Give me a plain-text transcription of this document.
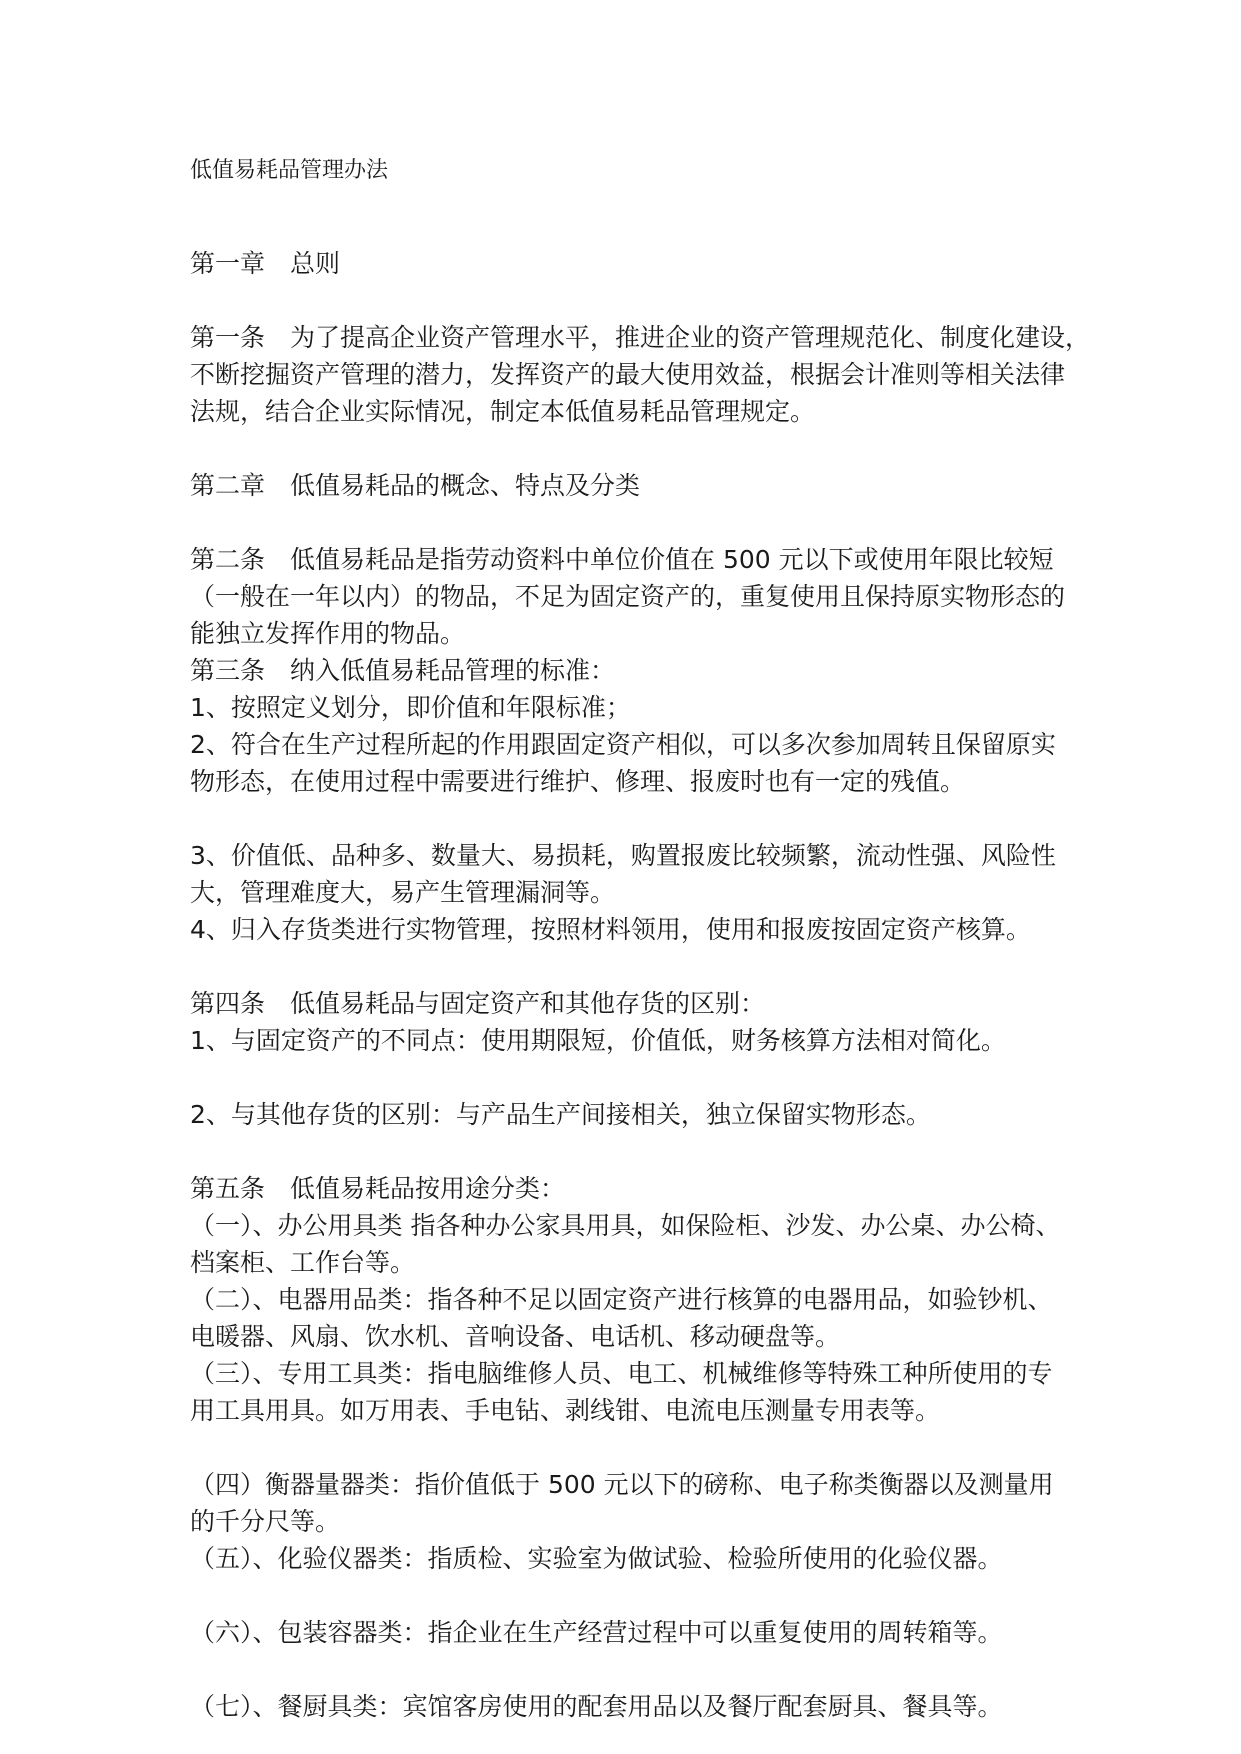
低值易耗品管理办法
第一章　总则
第一条　为了提高企业资产管理水平，推进企业的资产管理规范化、制度化建设，
不断挖掘资产管理的潜力，发挥资产的最大使用效益，根据会计准则等相关法律
法规，结合企业实际情况，制定本低值易耗品管理规定。
第二章　低值易耗品的概念、特点及分类
第二条　低值易耗品是指劳动资料中单位价值在 500 元以下或使用年限比较短
（一般在一年以内）的物品，不足为固定资产的，重复使用且保持原实物形态的
能独立发挥作用的物品。
第三条　纳入低值易耗品管理的标准：
1、按照定义划分，即价值和年限标准；
2、符合在生产过程所起的作用跟固定资产相似，可以多次参加周转且保留原实
物形态，在使用过程中需要进行维护、修理、报废时也有一定的残值。
3、价值低、品种多、数量大、易损耗，购置报废比较频繁，流动性强、风险性
大，管理难度大，易产生管理漏洞等。
4、归入存货类进行实物管理，按照材料领用，使用和报废按固定资产核算。
第四条　低值易耗品与固定资产和其他存货的区别：
1、与固定资产的不同点：使用期限短，价值低，财务核算方法相对简化。
2、与其他存货的区别：与产品生产间接相关，独立保留实物形态。
第五条　低值易耗品按用途分类：
（一）、办公用具类 指各种办公家具用具，如保险柜、沙发、办公桌、办公椅、
档案柜、工作台等。
（二）、电器用品类：指各种不足以固定资产进行核算的电器用品，如验钞机、
电暖器、风扇、饮水机、音响设备、电话机、移动硬盘等。
（三）、专用工具类：指电脑维修人员、电工、机械维修等特殊工种所使用的专
用工具用具。如万用表、手电钻、剥线钳、电流电压测量专用表等。
（四）衡器量器类：指价值低于 500 元以下的磅称、电子称类衡器以及测量用
的千分尺等。
（五）、化验仪器类：指质检、实验室为做试验、检验所使用的化验仪器。
（六）、包装容器类：指企业在生产经营过程中可以重复使用的周转箱等。
（七）、餐厨具类：宾馆客房使用的配套用品以及餐厅配套厨具、餐具等。
